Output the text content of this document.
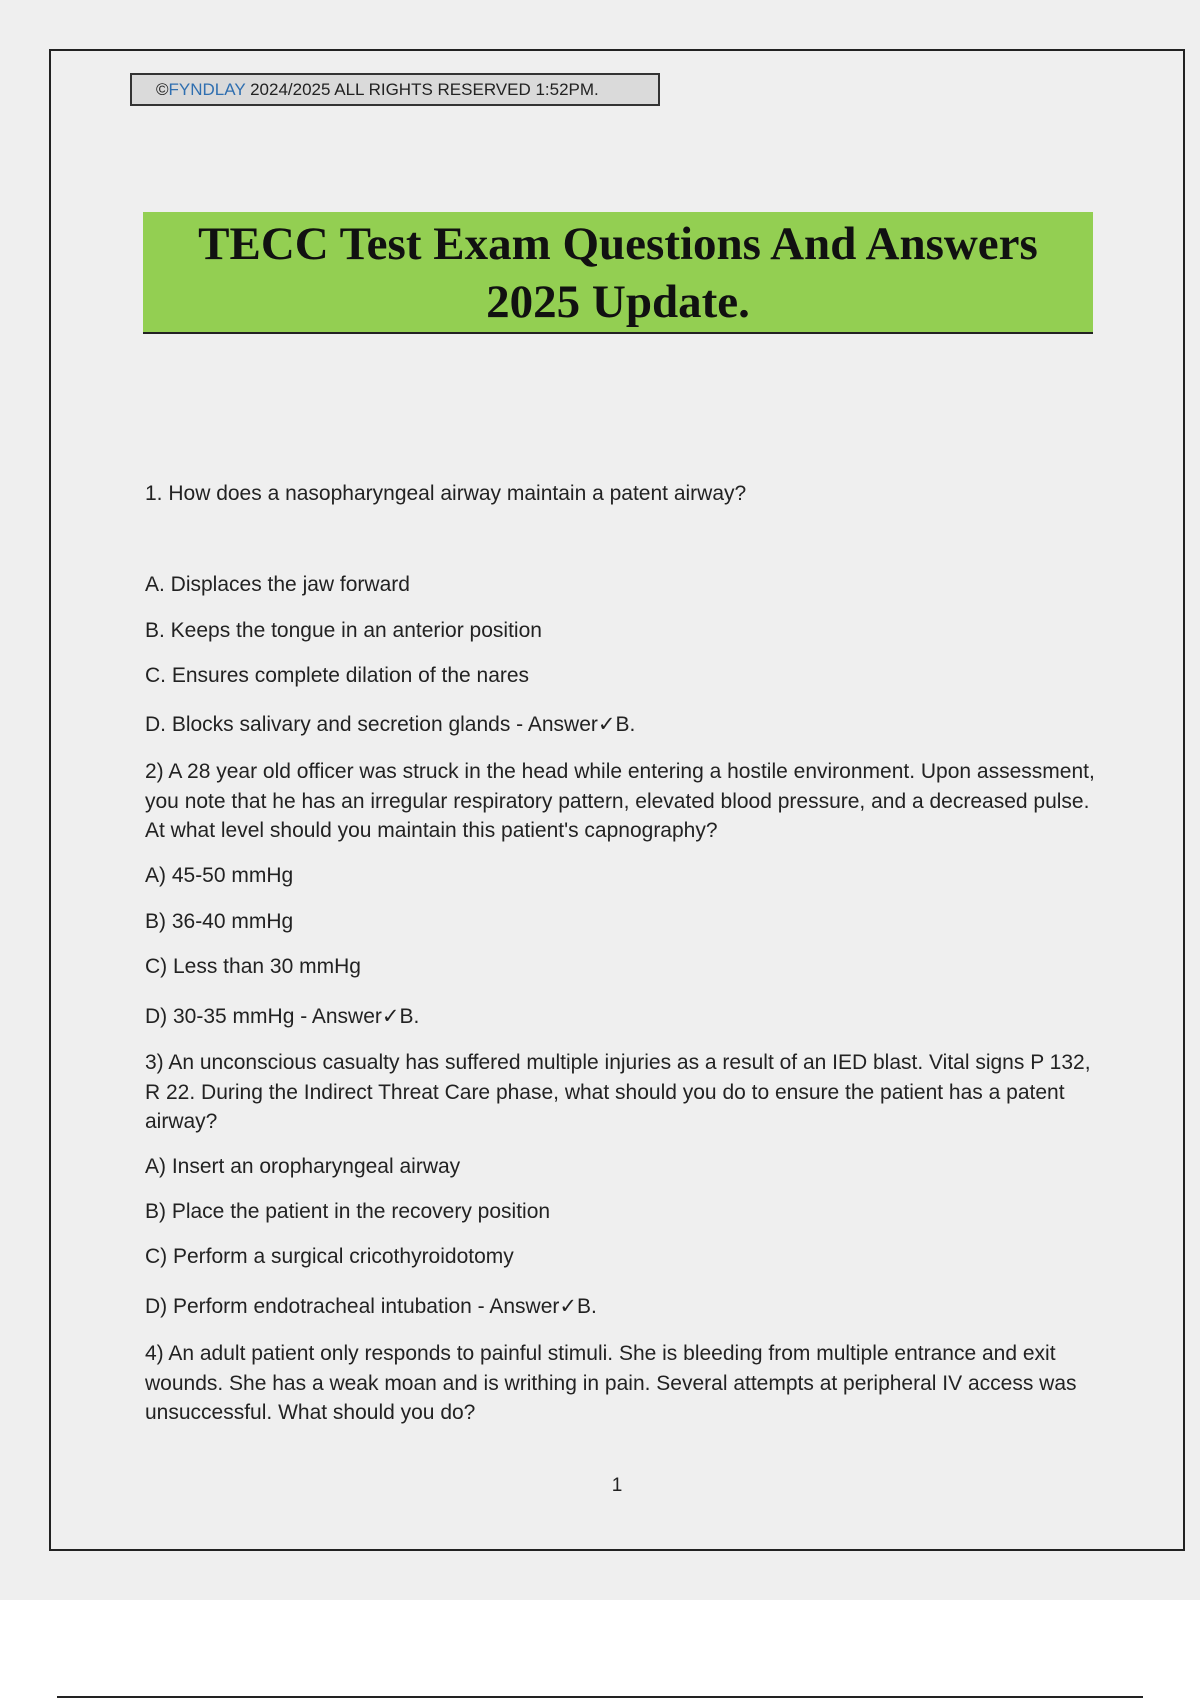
©FYNDLAY 2024/2025 ALL RIGHTS RESERVED 1:52PM.
TECC Test Exam Questions And Answers
2025 Update.
1. How does a nasopharyngeal airway maintain a patent airway?
A. Displaces the jaw forward
B. Keeps the tongue in an anterior position
C. Ensures complete dilation of the nares
D. Blocks salivary and secretion glands - Answer✓B.
2) A 28 year old officer was struck in the head while entering a hostile environment. Upon assessment, you note that he has an irregular respiratory pattern, elevated blood pressure, and a decreased pulse. At what level should you maintain this patient's capnography?
A) 45-50 mmHg
B) 36-40 mmHg
C) Less than 30 mmHg
D) 30-35 mmHg - Answer✓B.
3) An unconscious casualty has suffered multiple injuries as a result of an IED blast. Vital signs P 132, R 22. During the Indirect Threat Care phase, what should you do to ensure the patient has a patent airway?
A) Insert an oropharyngeal airway
B) Place the patient in the recovery position
C) Perform a surgical cricothyroidotomy
D) Perform endotracheal intubation - Answer✓B.
4) An adult patient only responds to painful stimuli. She is bleeding from multiple entrance and exit wounds. She has a weak moan and is writhing in pain. Several attempts at peripheral IV access was unsuccessful. What should you do?
1
